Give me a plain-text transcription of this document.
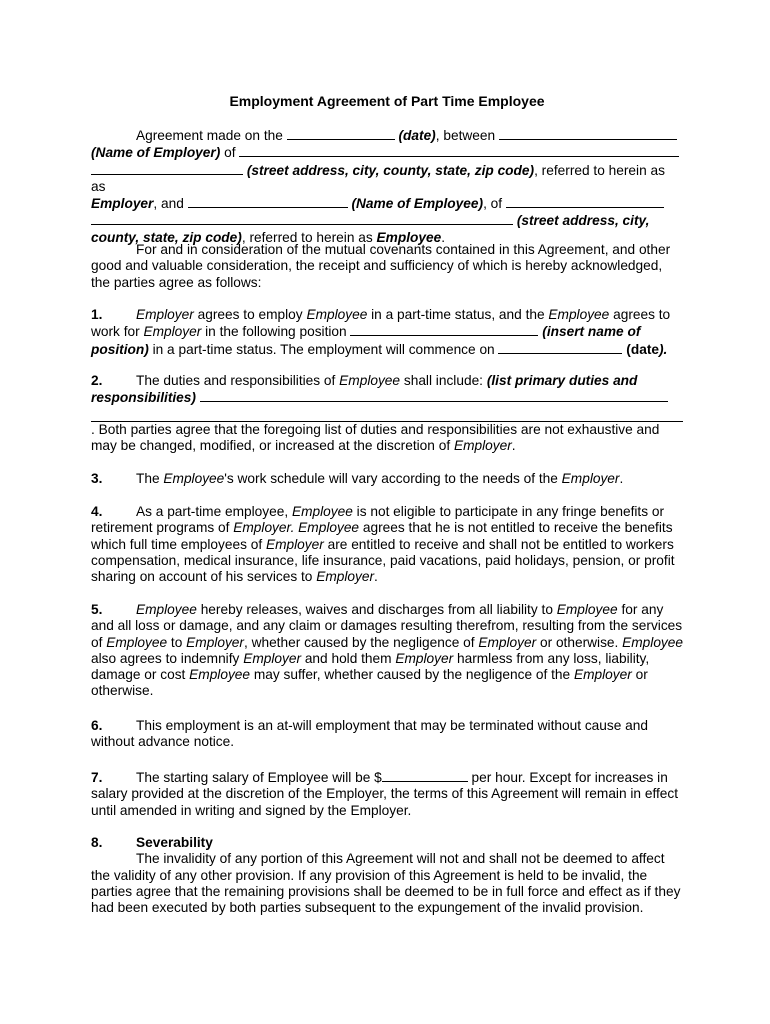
Employment Agreement of Part Time Employee
Agreement made on the	(date), between
(Name of Employer) of
(street address, city, county, state, zip code), referred to herein as as
Employer, and	(Name of Employee), of
(street address, city,
county, state, zip code), referred to herein as Employee.
For and in consideration of the mutual covenants contained in this Agreement, and other good and valuable consideration, the receipt and sufficiency of which is hereby acknowledged, the parties agree as follows:
1. Employer agrees to employ Employee in a part-time status, and the Employee agrees to work for Employer in the following position	(insert name of position) in a part-time status. The employment will commence on	(date).
2. The duties and responsibilities of Employee shall include: (list primary duties and responsibilities)
. Both parties agree that the foregoing list of duties and responsibilities are not exhaustive and may be changed, modified, or increased at the discretion of Employer.
3. The Employee's work schedule will vary according to the needs of the Employer.
4. As a part-time employee, Employee is not eligible to participate in any fringe benefits or retirement programs of Employer. Employee agrees that he is not entitled to receive the benefits which full time employees of Employer are entitled to receive and shall not be entitled to workers compensation, medical insurance, life insurance, paid vacations, paid holidays, pension, or profit sharing on account of his services to Employer.
5. Employee hereby releases, waives and discharges from all liability to Employee for any and all loss or damage, and any claim or damages resulting therefrom, resulting from the services of Employee to Employer, whether caused by the negligence of Employer or otherwise. Employee also agrees to indemnify Employer and hold them Employer harmless from any loss, liability, damage or cost Employee may suffer, whether caused by the negligence of the Employer or otherwise.
6. This employment is an at-will employment that may be terminated without cause and without advance notice.
7. The starting salary of Employee will be $	per hour. Except for increases in salary provided at the discretion of the Employer, the terms of this Agreement will remain in effect until amended in writing and signed by the Employer.
8. Severability
The invalidity of any portion of this Agreement will not and shall not be deemed to affect the validity of any other provision. If any provision of this Agreement is held to be invalid, the parties agree that the remaining provisions shall be deemed to be in full force and effect as if they had been executed by both parties subsequent to the expungement of the invalid provision.
